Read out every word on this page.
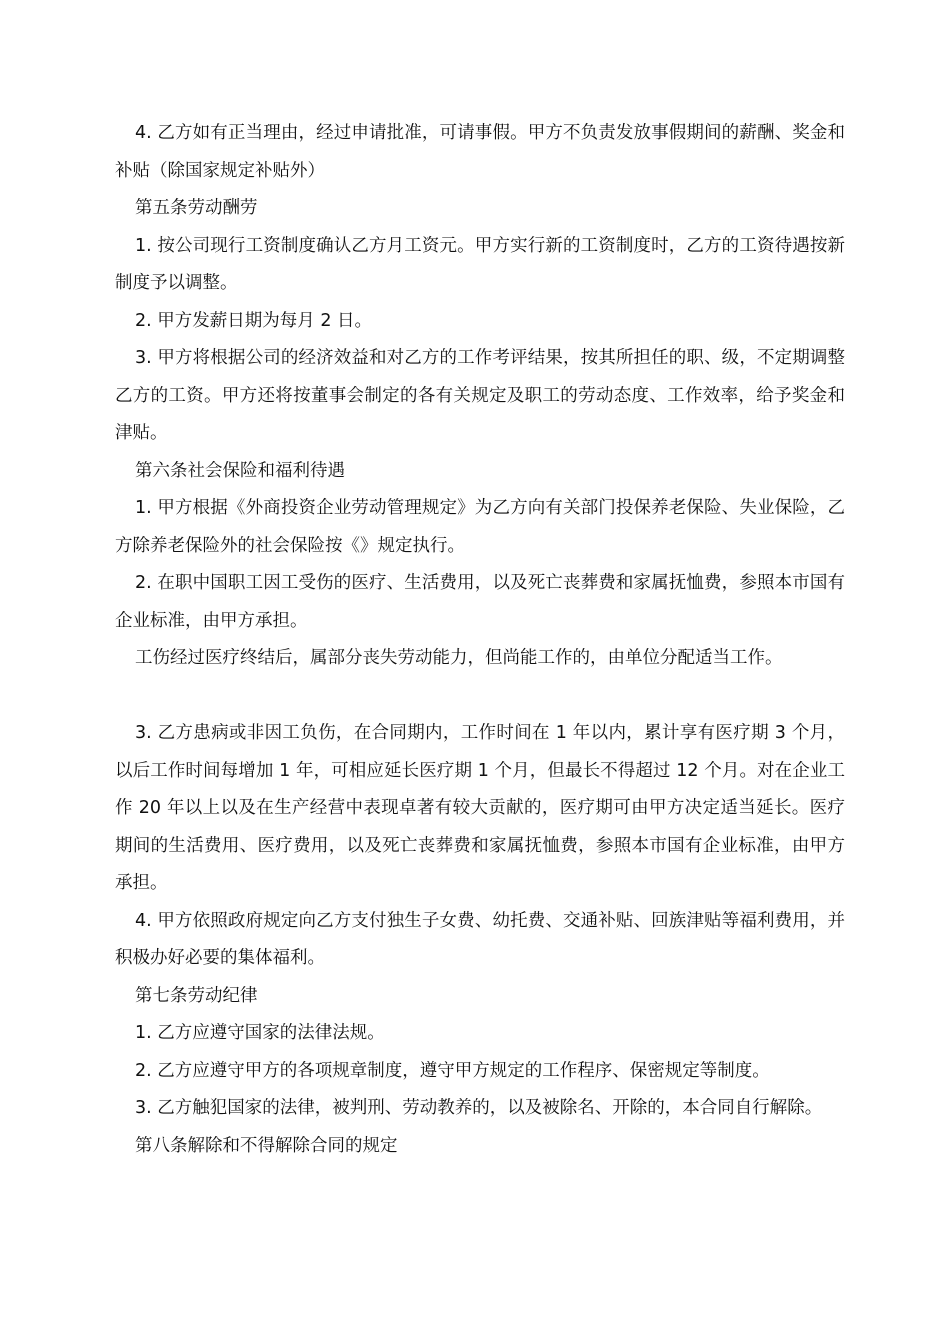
4. 乙方如有正当理由，经过申请批准，可请事假。甲方不负责发放事假期间的薪酬、奖金和补贴（除国家规定补贴外）

第五条劳动酬劳

1. 按公司现行工资制度确认乙方月工资元。甲方实行新的工资制度时，乙方的工资待遇按新制度予以调整。

2. 甲方发薪日期为每月 2 日。

3. 甲方将根据公司的经济效益和对乙方的工作考评结果，按其所担任的职、级，不定期调整乙方的工资。甲方还将按董事会制定的各有关规定及职工的劳动态度、工作效率，给予奖金和津贴。

第六条社会保险和福利待遇

1. 甲方根据《外商投资企业劳动管理规定》为乙方向有关部门投保养老保险、失业保险，乙方除养老保险外的社会保险按《》规定执行。

2. 在职中国职工因工受伤的医疗、生活费用，以及死亡丧葬费和家属抚恤费，参照本市国有企业标准，由甲方承担。

工伤经过医疗终结后，属部分丧失劳动能力，但尚能工作的，由单位分配适当工作。

3. 乙方患病或非因工负伤，在合同期内，工作时间在 1 年以内，累计享有医疗期 3 个月，以后工作时间每增加 1 年，可相应延长医疗期 1 个月，但最长不得超过 12 个月。对在企业工作 20 年以上以及在生产经营中表现卓著有较大贡献的，医疗期可由甲方决定适当延长。医疗期间的生活费用、医疗费用，以及死亡丧葬费和家属抚恤费，参照本市国有企业标准，由甲方承担。

4. 甲方依照政府规定向乙方支付独生子女费、幼托费、交通补贴、回族津贴等福利费用，并积极办好必要的集体福利。

第七条劳动纪律

1. 乙方应遵守国家的法律法规。

2. 乙方应遵守甲方的各项规章制度，遵守甲方规定的工作程序、保密规定等制度。

3. 乙方触犯国家的法律，被判刑、劳动教养的，以及被除名、开除的，本合同自行解除。

第八条解除和不得解除合同的规定
